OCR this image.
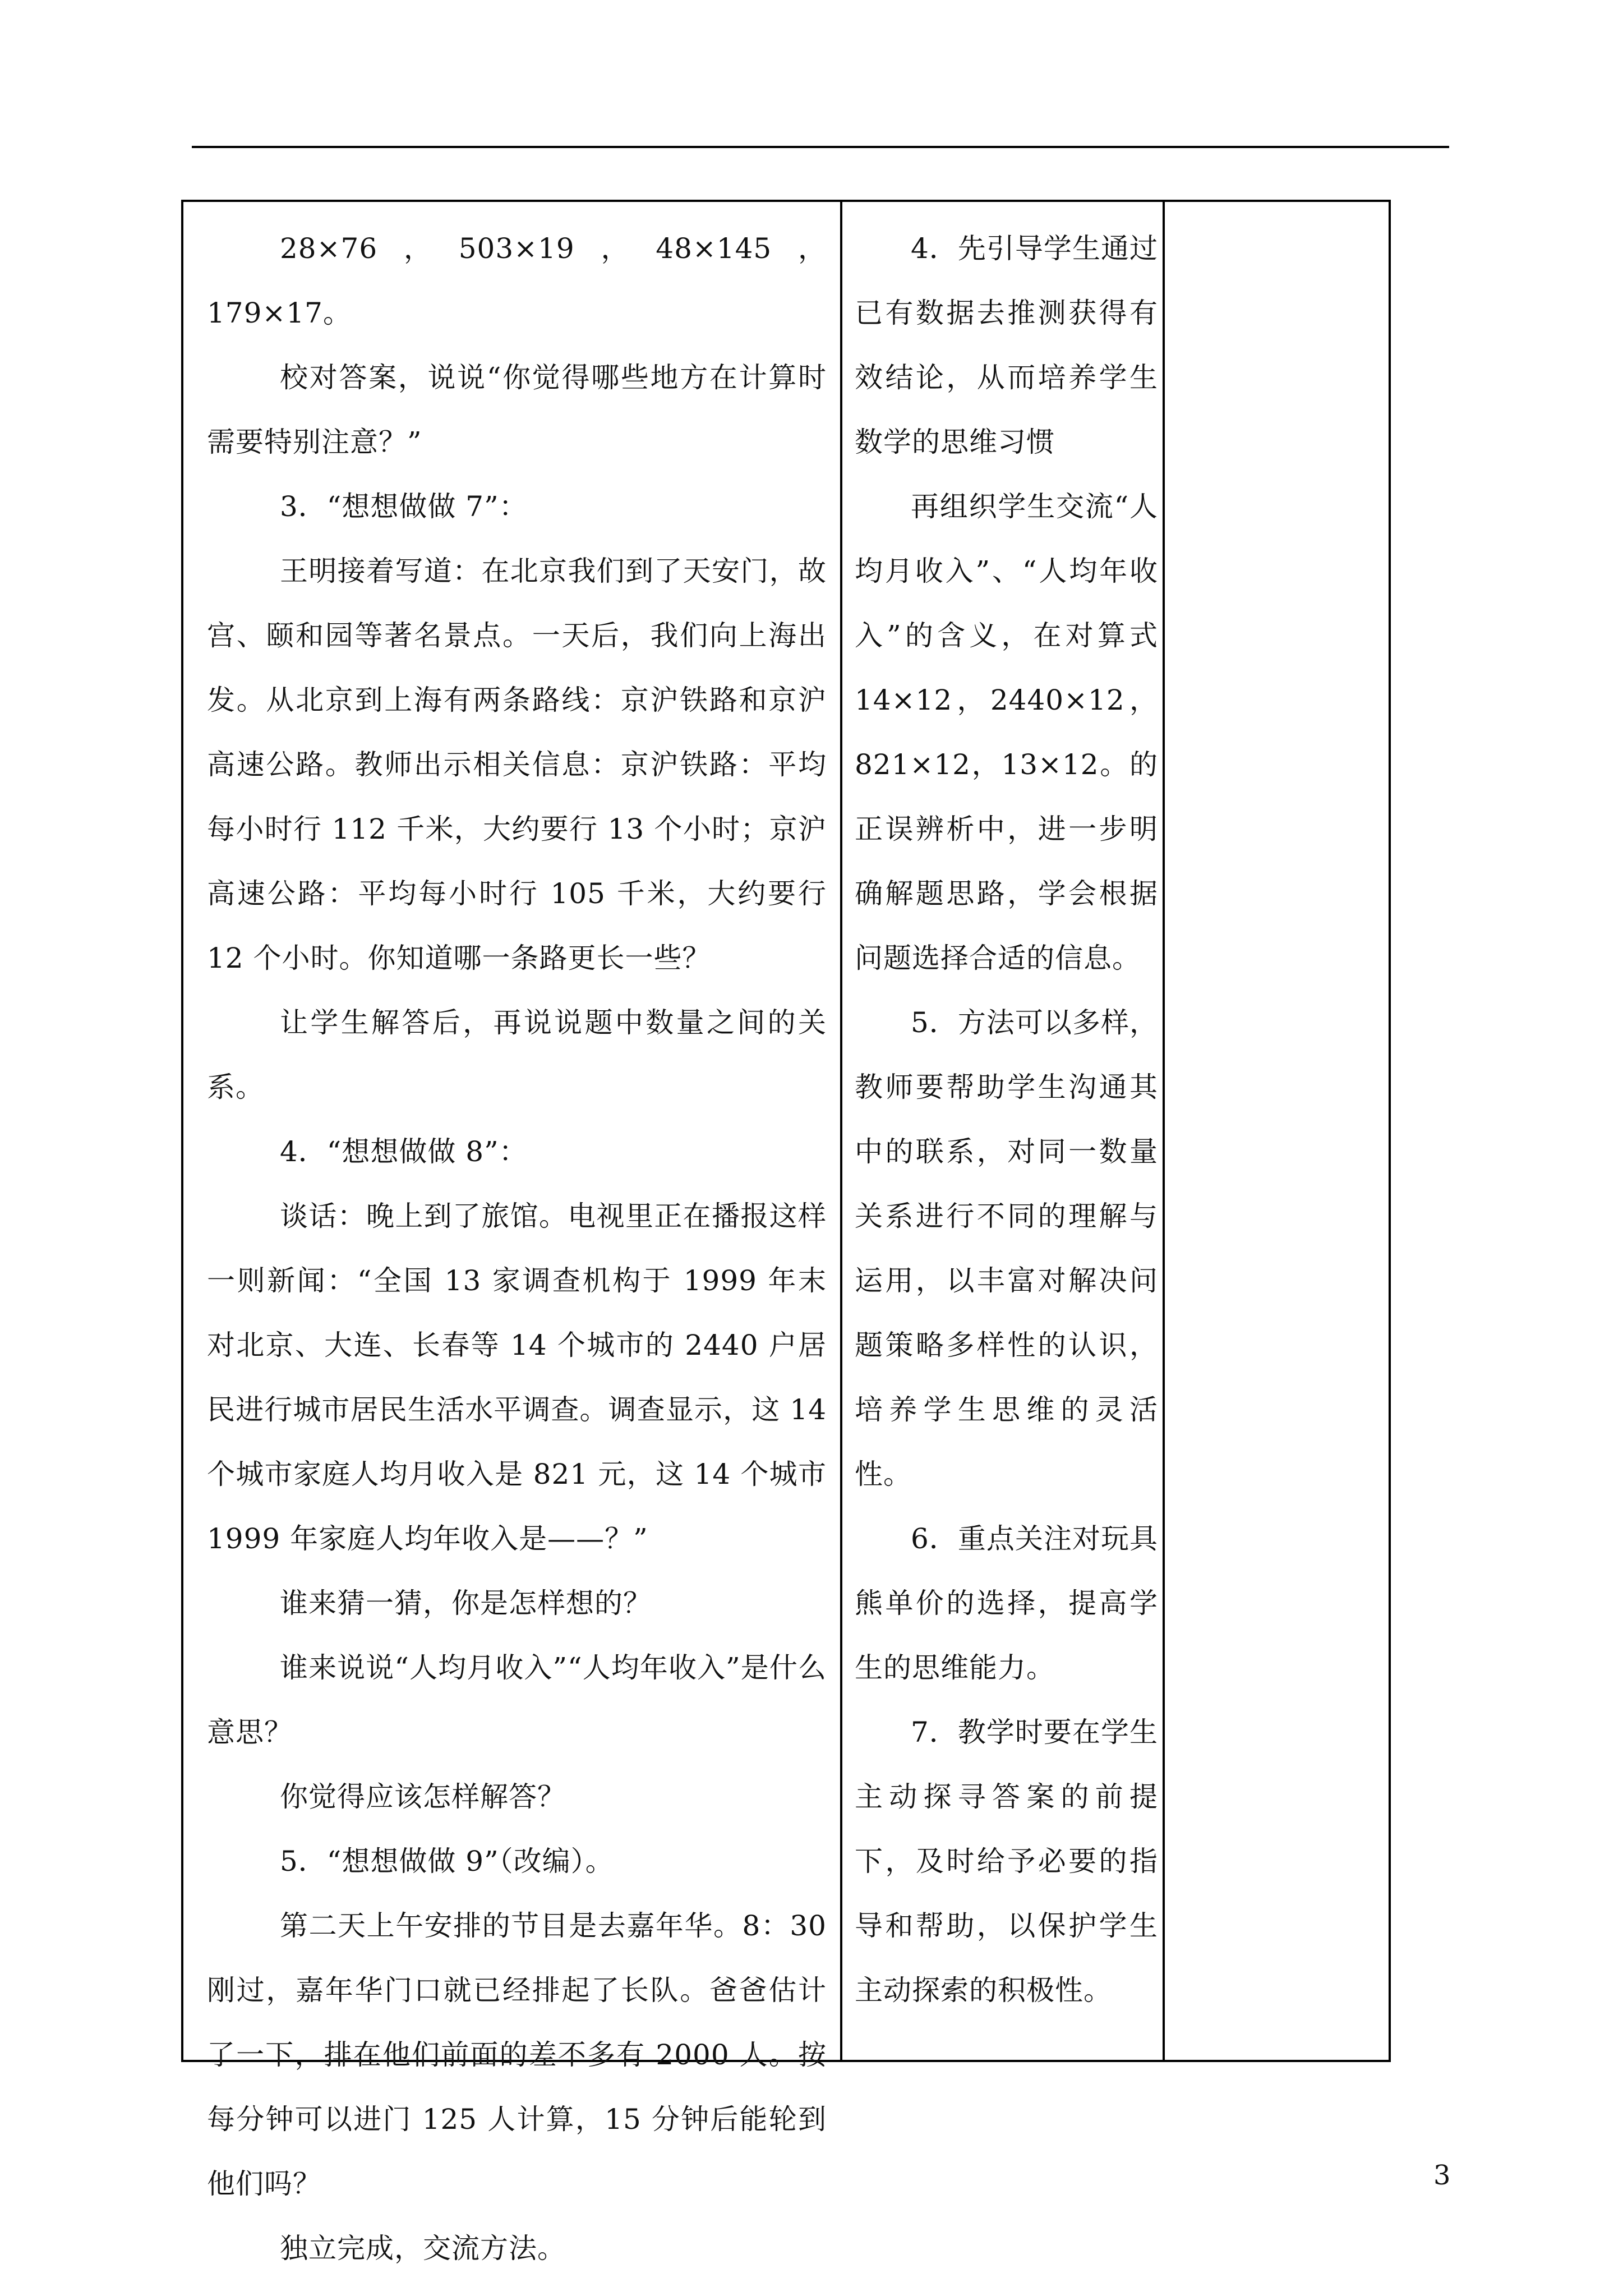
28×76，503×19，48×145，179×17。

校对答案，说说“你觉得哪些地方在计算时需要特别注意？”

3．“想想做做 7”：

王明接着写道：在北京我们到了天安门，故宫、颐和园等著名景点。一天后，我们向上海出发。从北京到上海有两条路线：京沪铁路和京沪高速公路。教师出示相关信息：京沪铁路：平均每小时行 112 千米，大约要行 13 个小时；京沪高速公路：平均每小时行 105 千米，大约要行 12 个小时。你知道哪一条路更长一些？

让学生解答后，再说说题中数量之间的关系。

4．“想想做做 8”：

谈话：晚上到了旅馆。电视里正在播报这样一则新闻：“全国 13 家调查机构于 1999 年末对北京、大连、长春等 14 个城市的 2440 户居民进行城市居民生活水平调查。调查显示，这 14 个城市家庭人均月收入是 821 元，这 14 个城市 1999 年家庭人均年收入是——？”

谁来猜一猜，你是怎样想的？

谁来说说“人均月收入”“人均年收入”是什么意思？

你觉得应该怎样解答？

5．“想想做做 9”（改编）。

第二天上午安排的节目是去嘉年华。8：30 刚过，嘉年华门口就已经排起了长队。爸爸估计了一下，排在他们前面的差不多有 2000 人。按每分钟可以进门 125 人计算，15 分钟后能轮到他们吗？

独立完成，交流方法。

4．先引导学生通过已有数据去推测获得有效结论，从而培养学生数学的思维习惯

再组织学生交流“人均月收入”、“人均年收入”的含义，在对算式 14×12，2440×12，821×12，13×12。的正误辨析中，进一步明确解题思路，学会根据问题选择合适的信息。

5．方法可以多样，教师要帮助学生沟通其中的联系，对同一数量关系进行不同的理解与运用，以丰富对解决问题策略多样性的认识，培养学生思维的灵活性。

6．重点关注对玩具熊单价的选择，提高学生的思维能力。

7．教学时要在学生主动探寻答案的前提下，及时给予必要的指导和帮助，以保护学生主动探索的积极性。

3
